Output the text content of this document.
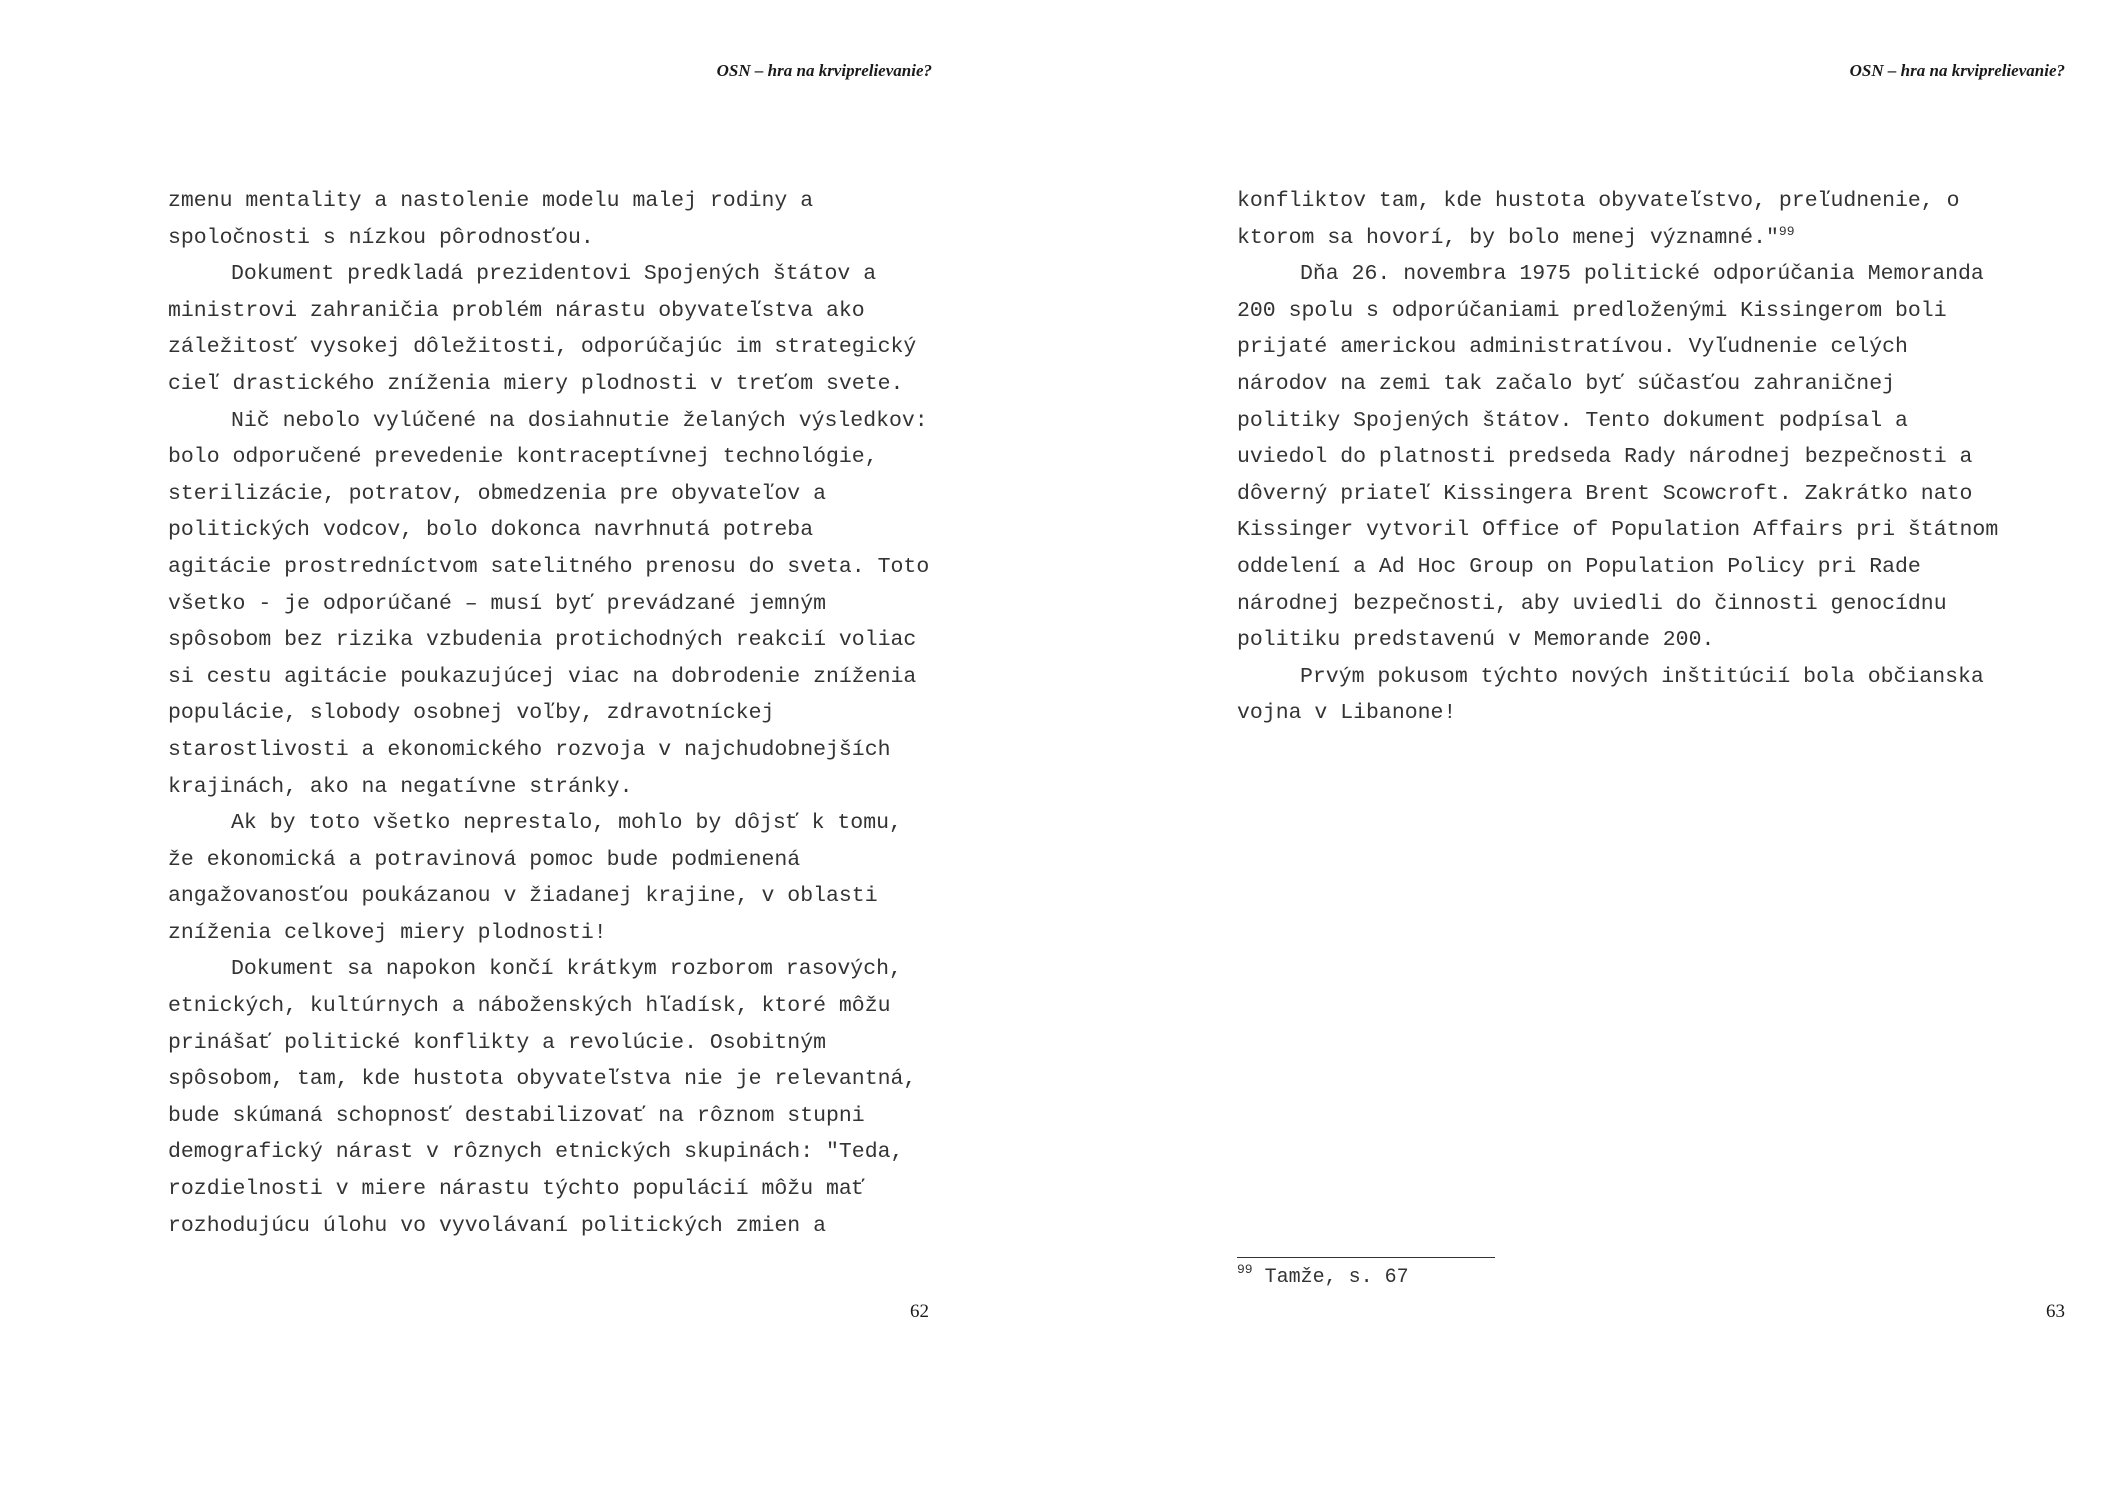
OSN – hra na krviprelievanie?
zmenu mentality a nastolenie modelu malej rodiny a
spoločnosti s nízkou pôrodnosťou.
Dokument predkladá prezidentovi Spojených štátov a
ministrovi zahraničia problém nárastu obyvateľstva ako
záležitosť vysokej dôležitosti, odporúčajúc im strategický
cieľ drastického zníženia miery plodnosti v treťom svete.
Nič nebolo vylúčené na dosiahnutie želaných výsledkov:
bolo odporučené prevedenie kontraceptívnej technológie,
sterilizácie, potratov, obmedzenia pre obyvateľov a
politických vodcov, bolo dokonca navrhnutá potreba
agitácie prostredníctvom satelitného prenosu do sveta. Toto
všetko - je odporúčané – musí byť prevádzané jemným
spôsobom bez rizika vzbudenia protichodných reakcií voliac
si cestu agitácie poukazujúcej viac na dobrodenie zníženia
populácie, slobody osobnej voľby, zdravotníckej
starostlivosti a ekonomického rozvoja v najchudobnejších
krajinách, ako na negatívne stránky.
Ak by toto všetko neprestalo, mohlo by dôjsť k tomu,
že ekonomická a potravinová pomoc bude podmienená
angažovanosťou poukázanou v žiadanej krajine, v oblasti
zníženia celkovej miery plodnosti!
Dokument sa napokon končí krátkym rozborom rasových,
etnických, kultúrnych a náboženských hľadísk, ktoré môžu
prinášať politické konflikty a revolúcie. Osobitným
spôsobom, tam, kde hustota obyvateľstva nie je relevantná,
bude skúmaná schopnosť destabilizovať na rôznom stupni
demografický nárast v rôznych etnických skupinách: "Teda,
rozdielnosti v miere nárastu týchto populácií môžu mať
rozhodujúcu úlohu vo vyvolávaní politických zmien a
62
OSN – hra na krviprelievanie?
konfliktov tam, kde hustota obyvateľstvo, preľudnenie, o
ktorom sa hovorí, by bolo menej významné."$^{99}$
Dňa 26. novembra 1975 politické odporúčania Memoranda
200 spolu s odporúčaniami predloženými Kissingerom boli
prijaté americkou administratívou. Vyľudnenie celých
národov na zemi tak začalo byť súčasťou zahraničnej
politiky Spojených štátov. Tento dokument podpísal a
uviedol do platnosti predseda Rady národnej bezpečnosti a
dôverný priateľ Kissingera Brent Scowcroft. Zakrátko nato
Kissinger vytvoril Office of Population Affairs pri štátnom
oddelení a Ad Hoc Group on Population Policy pri Rade
národnej bezpečnosti, aby uviedli do činnosti genocídnu
politiku predstavenú v Memorande 200.
Prvým pokusom týchto nových inštitúcií bola občianska
vojna v Libanone!
$^{99}$ Tamže, s. 67
63
